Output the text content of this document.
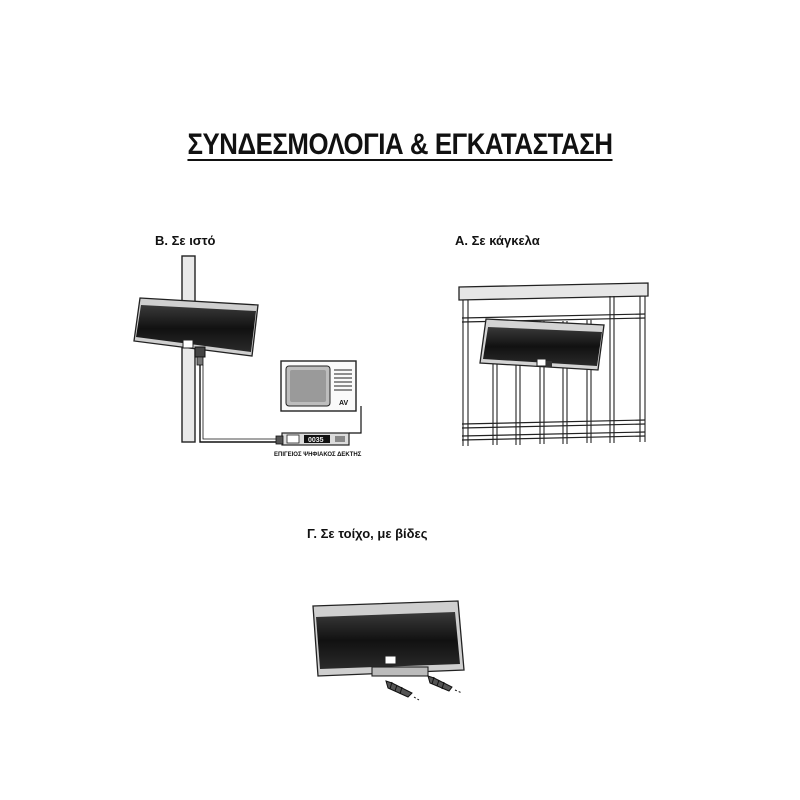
ΣΥΝΔΕΣΜΟΛΟΓΙΑ & ΕΓΚΑΤΑΣΤΑΣΗ
Β. Σε ιστό	Α. Σε κάγκελα
Γ. Σε τοίχο, με βίδες
AV
0035
ΕΠΙΓΕΙΟΣ ΨΗΦΙΑΚΟΣ ΔΕΚΤΗΣ
